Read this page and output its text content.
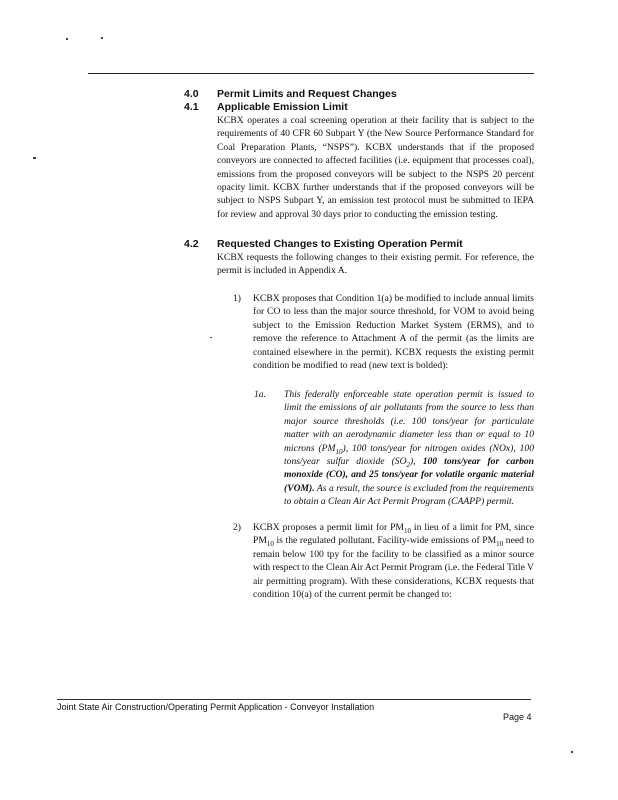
4.0 Permit Limits and Request Changes
4.1 Applicable Emission Limit
KCBX operates a coal screening operation at their facility that is subject to the requirements of 40 CFR 60 Subpart Y (the New Source Performance Standard for Coal Preparation Plants, “NSPS”). KCBX understands that if the proposed conveyors are connected to affected facilities (i.e. equipment that processes coal), emissions from the proposed conveyors will be subject to the NSPS 20 percent opacity limit. KCBX further understands that if the proposed conveyors will be subject to NSPS Subpart Y, an emission test protocol must be submitted to IEPA for review and approval 30 days prior to conducting the emission testing.
4.2 Requested Changes to Existing Operation Permit
KCBX requests the following changes to their existing permit. For reference, the permit is included in Appendix A.
1) KCBX proposes that Condition 1(a) be modified to include annual limits for CO to less than the major source threshold, for VOM to avoid being subject to the Emission Reduction Market System (ERMS), and to remove the reference to Attachment A of the permit (as the limits are contained elsewhere in the permit). KCBX requests the existing permit condition be modified to read (new text is bolded):
1a. This federally enforceable state operation permit is issued to limit the emissions of air pollutants from the source to less than major source thresholds (i.e. 100 tons/year for particulate matter with an aerodynamic diameter less than or equal to 10 microns $(PM_{10})$, 100 tons/year for nitrogen oxides (NOx), 100 tons/year sulfur dioxide $(SO_2)$, 100 tons/year for carbon monoxide (CO), and 25 tons/year for volatile organic material (VOM). As a result, the source is excluded from the requirements to obtain a Clean Air Act Permit Program (CAAPP) permit.
2) KCBX proposes a permit limit for $PM_{10}$ in lieu of a limit for PM, since $PM_{10}$ is the regulated pollutant. Facility-wide emissions of $PM_{10}$ need to remain below 100 tpy for the facility to be classified as a minor source with respect to the Clean Air Act Permit Program (i.e. the Federal Title V air permitting program). With these considerations, KCBX requests that condition 10(a) of the current permit be changed to:
Joint State Air Construction/Operating Permit Application - Conveyor Installation
Page 4
